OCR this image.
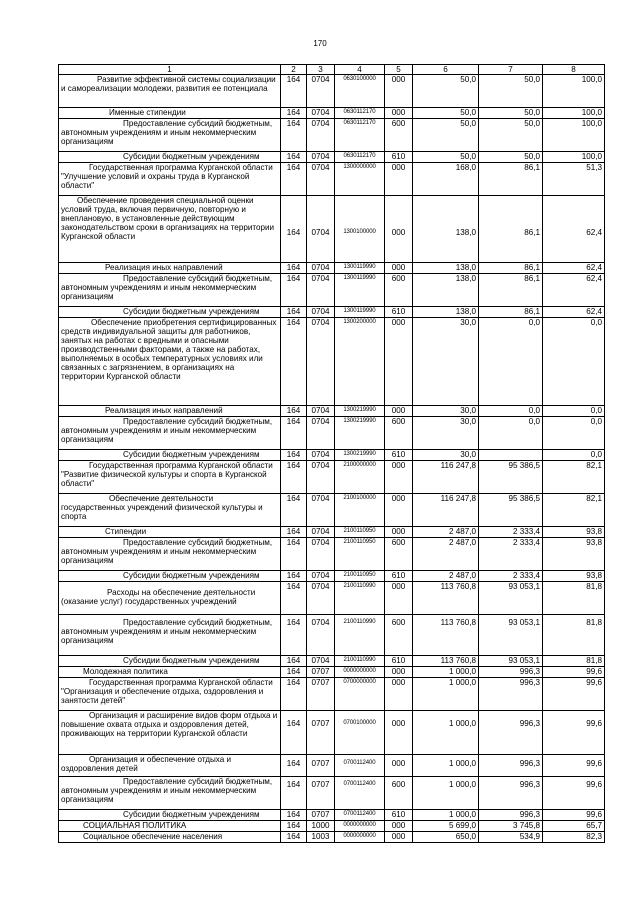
170
1	2	3	4	5	6	7	8
Развитие эффективной системы социализации и самореализации молодежи, развития ее потенциала	164	0704	0630100000	000	50,0	50,0	100,0
Именные стипендии	164	0704	0630112170	000	50,0	50,0	100,0
Предоставление субсидий бюджетным, автономным учреждениям и иным некоммерческим организациям	164	0704	0630112170	600	50,0	50,0	100,0
Субсидии бюджетным учреждениям	164	0704	0630112170	610	50,0	50,0	100,0
Государственная программа Курганской области "Улучшение условий и охраны труда в Курганской области"	164	0704	1300000000	000	168,0	86,1	51,3
Обеспечение проведения специальной оценки условий труда, включая первичную, повторную и внеплановую, в установленные действующим законодательством сроки в организациях на территории Курганской области	164	0704	1300100000	000	138,0	86,1	62,4
Реализация иных направлений	164	0704	1300119990	000	138,0	86,1	62,4
Предоставление субсидий бюджетным, автономным учреждениям и иным некоммерческим организациям	164	0704	1300119990	600	138,0	86,1	62,4
Субсидии бюджетным учреждениям	164	0704	1300119990	610	138,0	86,1	62,4
Обеспечение приобретения сертифицированных средств индивидуальной защиты для работников, занятых на работах с вредными и опасными производственными факторами, а также на работах, выполняемых в особых температурных условиях или связанных с загрязнением, в организациях на территории Курганской области	164	0704	1300200000	000	30,0	0,0	0,0
Реализация иных направлений	164	0704	1300219990	000	30,0	0,0	0,0
Предоставление субсидий бюджетным, автономным учреждениям и иным некоммерческим организациям	164	0704	1300219990	600	30,0	0,0	0,0
Субсидии бюджетным учреждениям	164	0704	1300219990	610	30,0		0,0
Государственная программа Курганской области "Развитие физической культуры и спорта в Курганской области"	164	0704	2100000000	000	116 247,8	95 386,5	82,1
Обеспечение деятельности государственных учреждений физической культуры и спорта	164	0704	2100100000	000	116 247,8	95 386,5	82,1
Стипендии	164	0704	2100110950	000	2 487,0	2 333,4	93,8
Предоставление субсидий бюджетным, автономным учреждениям и иным некоммерческим организациям	164	0704	2100110950	600	2 487,0	2 333,4	93,8
Субсидии бюджетным учреждениям	164	0704	2100110950	610	2 487,0	2 333,4	93,8
Расходы на обеспечение деятельности (оказание услуг) государственных учреждений	164	0704	2100110990	000	113 760,8	93 053,1	81,8
Предоставление субсидий бюджетным, автономным учреждениям и иным некоммерческим организациям	164	0704	2100110990	600	113 760,8	93 053,1	81,8
Субсидии бюджетным учреждениям	164	0704	2100110990	610	113 760,8	93 053,1	81,8
Молодежная политика	164	0707	0000000000	000	1 000,0	996,3	99,6
Государственная программа Курганской области "Организация и обеспечение отдыха, оздоровления и занятости детей"	164	0707	0700000000	000	1 000,0	996,3	99,6
Организация и расширение видов форм отдыха и повышение охвата отдыха и оздоровления детей, проживающих на территории Курганской области	164	0707	0700100000	000	1 000,0	996,3	99,6
Организация и обеспечение отдыха и оздоровления детей	164	0707	0700112400	000	1 000,0	996,3	99,6
Предоставление субсидий бюджетным, автономным учреждениям и иным некоммерческим организациям	164	0707	0700112400	600	1 000,0	996,3	99,6
Субсидии бюджетным учреждениям	164	0707	0700112400	610	1 000,0	996,3	99,6
СОЦИАЛЬНАЯ ПОЛИТИКА	164	1000	0000000000	000	5 699,0	3 745,8	65,7
Социальное обеспечение населения	164	1003	0000000000	000	650,0	534,9	82,3
